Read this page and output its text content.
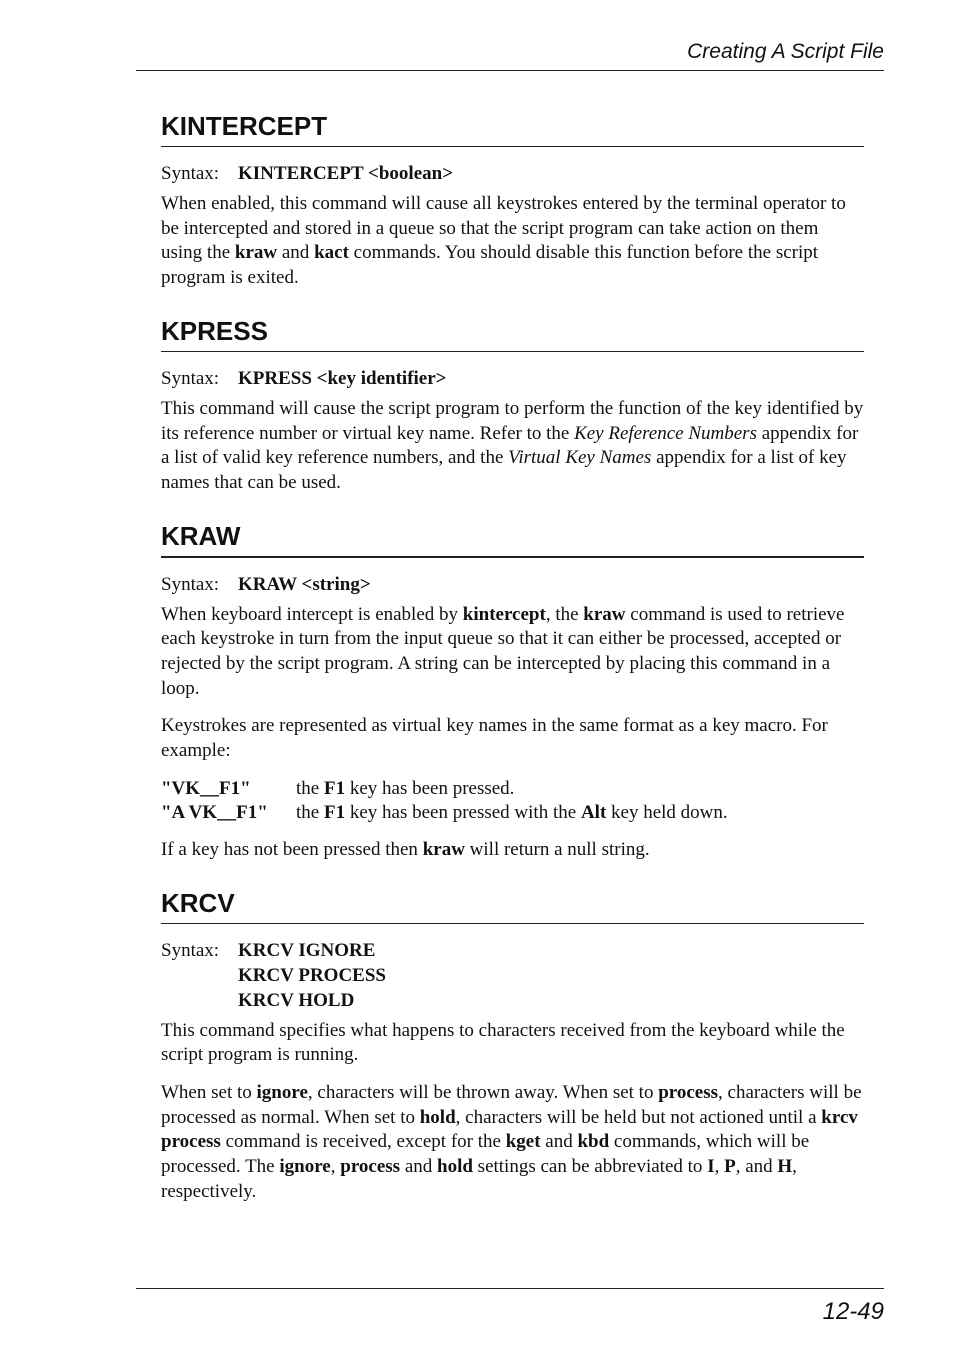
Creating A Script File
KINTERCEPT
Syntax: KINTERCEPT <boolean>

When enabled, this command will cause all keystrokes entered by the terminal operator to be intercepted and stored in a queue so that the script program can take action on them using the kraw and kact commands. You should disable this function before the script program is exited.

KPRESS
Syntax: KPRESS <key identifier>

This command will cause the script program to perform the function of the key identified by its reference number or virtual key name. Refer to the Key Reference Numbers appendix for a list of valid key reference numbers, and the Virtual Key Names appendix for a list of key names that can be used.

KRAW
Syntax: KRAW <string>

When keyboard intercept is enabled by kintercept, the kraw command is used to retrieve each keystroke in turn from the input queue so that it can either be processed, accepted or rejected by the script program. A string can be intercepted by placing this command in a loop.

Keystrokes are represented as virtual key names in the same format as a key macro. For example:

"VK__F1"	the F1 key has been pressed.
"A VK__F1"	the F1 key has been pressed with the Alt key held down.

If a key has not been pressed then kraw will return a null string.

KRCV
Syntax: KRCV IGNORE
KRCV PROCESS
KRCV HOLD

This command specifies what happens to characters received from the keyboard while the script program is running.

When set to ignore, characters will be thrown away. When set to process, characters will be processed as normal. When set to hold, characters will be held but not actioned until a krcv process command is received, except for the kget and kbd commands, which will be processed. The ignore, process and hold settings can be abbreviated to I, P, and H, respectively.

12-49
